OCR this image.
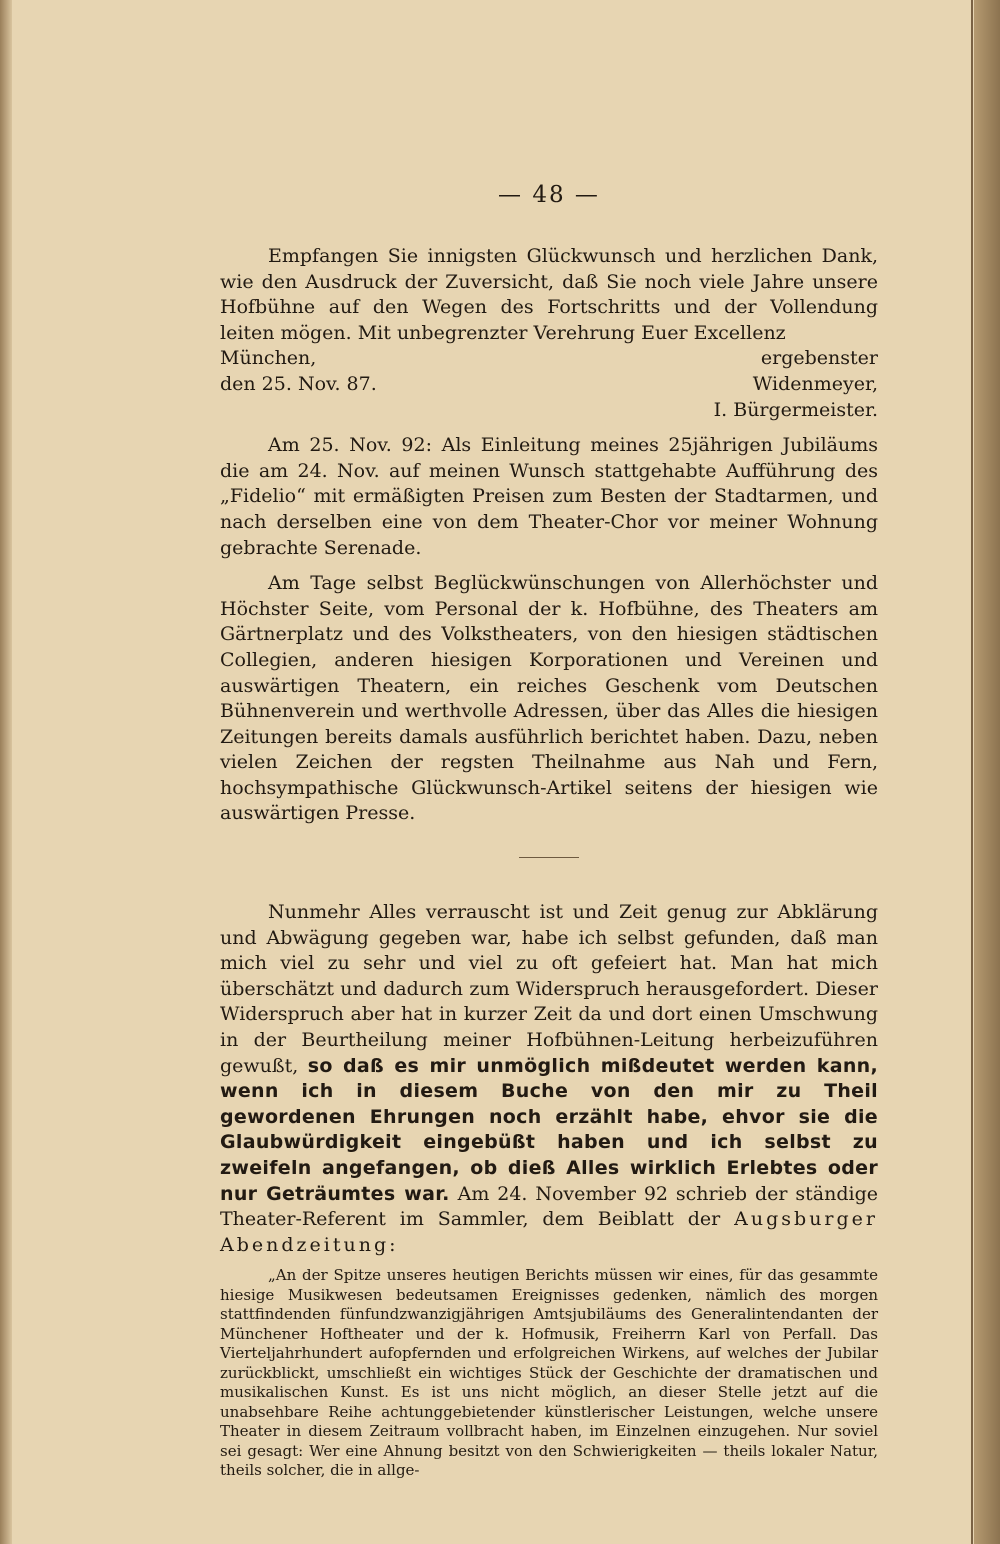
— 48 —

Empfangen Sie innigsten Glückwunsch und herzlichen Dank, wie den Ausdruck der Zuversicht, daß Sie noch viele Jahre unsere Hofbühne auf den Wegen des Fortschritts und der Vollendung leiten mögen. Mit unbegrenzter Verehrung Euer Excellenz

München,	ergebenster
den 25. Nov. 87.	Widenmeyer,
	I. Bürgermeister.

Am 25. Nov. 92: Als Einleitung meines 25jährigen Jubiläums die am 24. Nov. auf meinen Wunsch stattgehabte Aufführung des „Fidelio“ mit ermäßigten Preisen zum Besten der Stadtarmen, und nach derselben eine von dem Theater-Chor vor meiner Wohnung gebrachte Serenade.

Am Tage selbst Beglückwünschungen von Allerhöchster und Höchster Seite, vom Personal der k. Hofbühne, des Theaters am Gärtnerplatz und des Volkstheaters, von den hiesigen städtischen Collegien, anderen hiesigen Korporationen und Vereinen und auswärtigen Theatern, ein reiches Geschenk vom Deutschen Bühnenverein und werthvolle Adressen, über das Alles die hiesigen Zeitungen bereits damals ausführlich berichtet haben. Dazu, neben vielen Zeichen der regsten Theilnahme aus Nah und Fern, hochsympathische Glückwunsch-Artikel seitens der hiesigen wie auswärtigen Presse.

Nunmehr Alles verrauscht ist und Zeit genug zur Abklärung und Abwägung gegeben war, habe ich selbst gefunden, daß man mich viel zu sehr und viel zu oft gefeiert hat. Man hat mich überschätzt und dadurch zum Widerspruch herausgefordert. Dieser Widerspruch aber hat in kurzer Zeit da und dort einen Umschwung in der Beurtheilung meiner Hofbühnen-Leitung herbeizuführen gewußt, so daß es mir unmöglich mißdeutet werden kann, wenn ich in diesem Buche von den mir zu Theil gewordenen Ehrungen noch erzählt habe, ehvor sie die Glaubwürdigkeit eingebüßt haben und ich selbst zu zweifeln angefangen, ob dieß Alles wirklich Erlebtes oder nur Geträumtes war. Am 24. November 92 schrieb der ständige Theater-Referent im Sammler, dem Beiblatt der Augsburger Abendzeitung:

„An der Spitze unseres heutigen Berichts müssen wir eines, für das gesammte hiesige Musikwesen bedeutsamen Ereignisses gedenken, nämlich des morgen stattfindenden fünfundzwanzigjährigen Amtsjubiläums des Generalintendanten der Münchener Hoftheater und der k. Hofmusik, Freiherrn Karl von Perfall. Das Vierteljahrhundert aufopfernden und erfolgreichen Wirkens, auf welches der Jubilar zurückblickt, umschließt ein wichtiges Stück der Geschichte der dramatischen und musikalischen Kunst. Es ist uns nicht möglich, an dieser Stelle jetzt auf die unabsehbare Reihe achtunggebietender künstlerischer Leistungen, welche unsere Theater in diesem Zeitraum vollbracht haben, im Einzelnen einzugehen. Nur soviel sei gesagt: Wer eine Ahnung besitzt von den Schwierigkeiten — theils lokaler Natur, theils solcher, die in allge-
